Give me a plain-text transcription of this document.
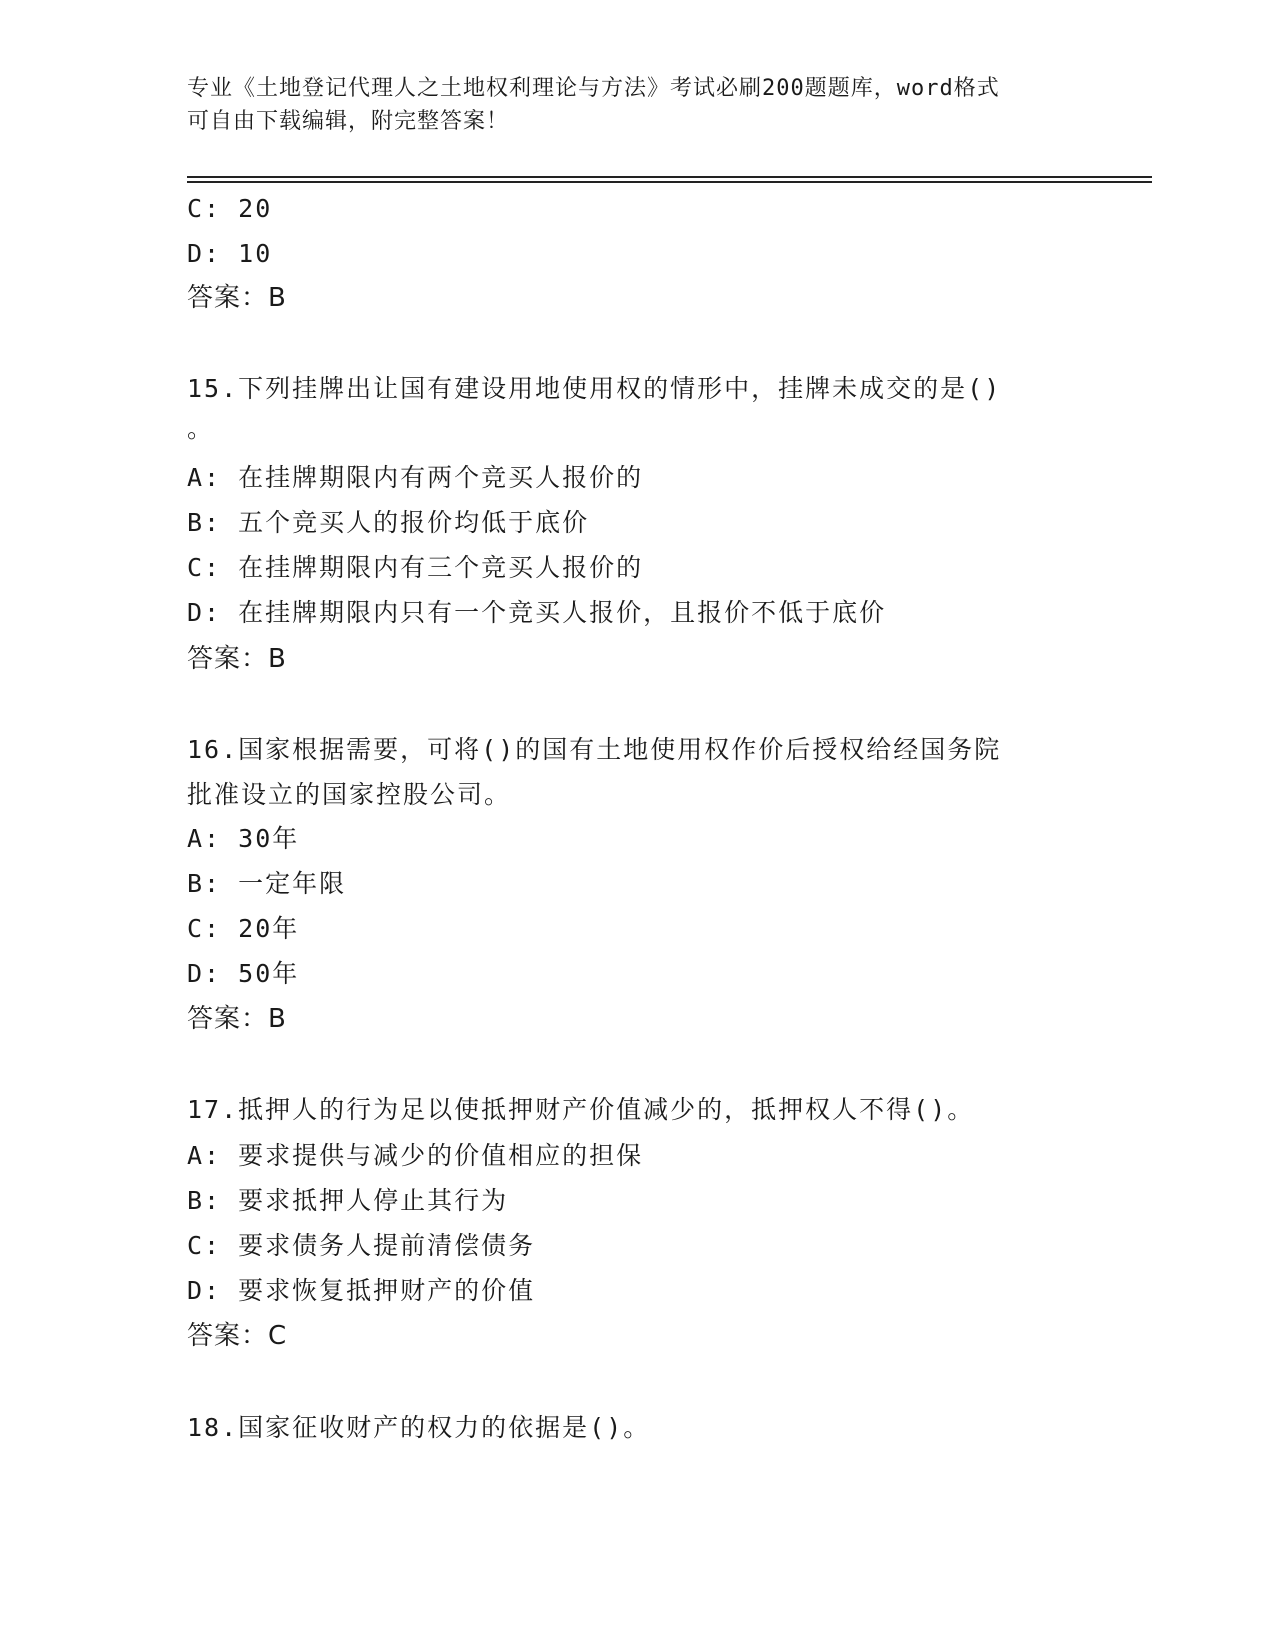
专业《土地登记代理人之土地权利理论与方法》考试必刷200题题库，word格式
可自由下载编辑，附完整答案！
C: 20
D: 10
答案：B
15.下列挂牌出让国有建设用地使用权的情形中，挂牌未成交的是()
。
A: 在挂牌期限内有两个竞买人报价的
B: 五个竞买人的报价均低于底价
C: 在挂牌期限内有三个竞买人报价的
D: 在挂牌期限内只有一个竞买人报价，且报价不低于底价
答案：B
16.国家根据需要，可将()的国有土地使用权作价后授权给经国务院
批准设立的国家控股公司。
A: 30年
B: 一定年限
C: 20年
D: 50年
答案：B
17.抵押人的行为足以使抵押财产价值减少的，抵押权人不得()。
A: 要求提供与减少的价值相应的担保
B: 要求抵押人停止其行为
C: 要求债务人提前清偿债务
D: 要求恢复抵押财产的价值
答案：C
18.国家征收财产的权力的依据是()。
